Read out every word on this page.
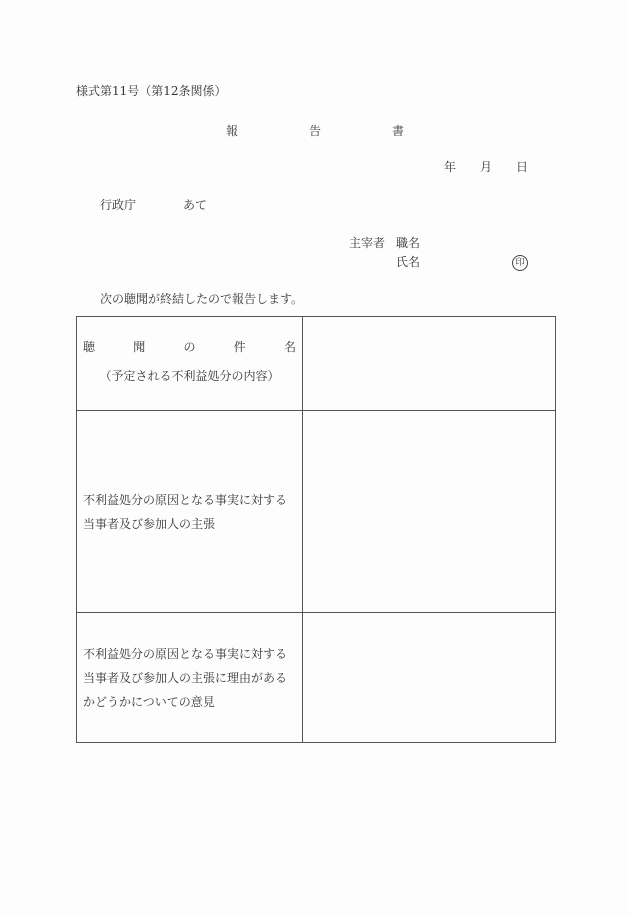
様式第11号（第12条関係）
報	告	書
年 月 日
行政庁	あて
主宰者 職名
氏名	印
次の聴聞が終結したので報告します。
聴	聞	の	件	名
（予定される不利益処分の内容）

不利益処分の原因となる事実に対する
当事者及び参加人の主張	

不利益処分の原因となる事実に対する
当事者及び参加人の主張に理由がある
かどうかについての意見	
